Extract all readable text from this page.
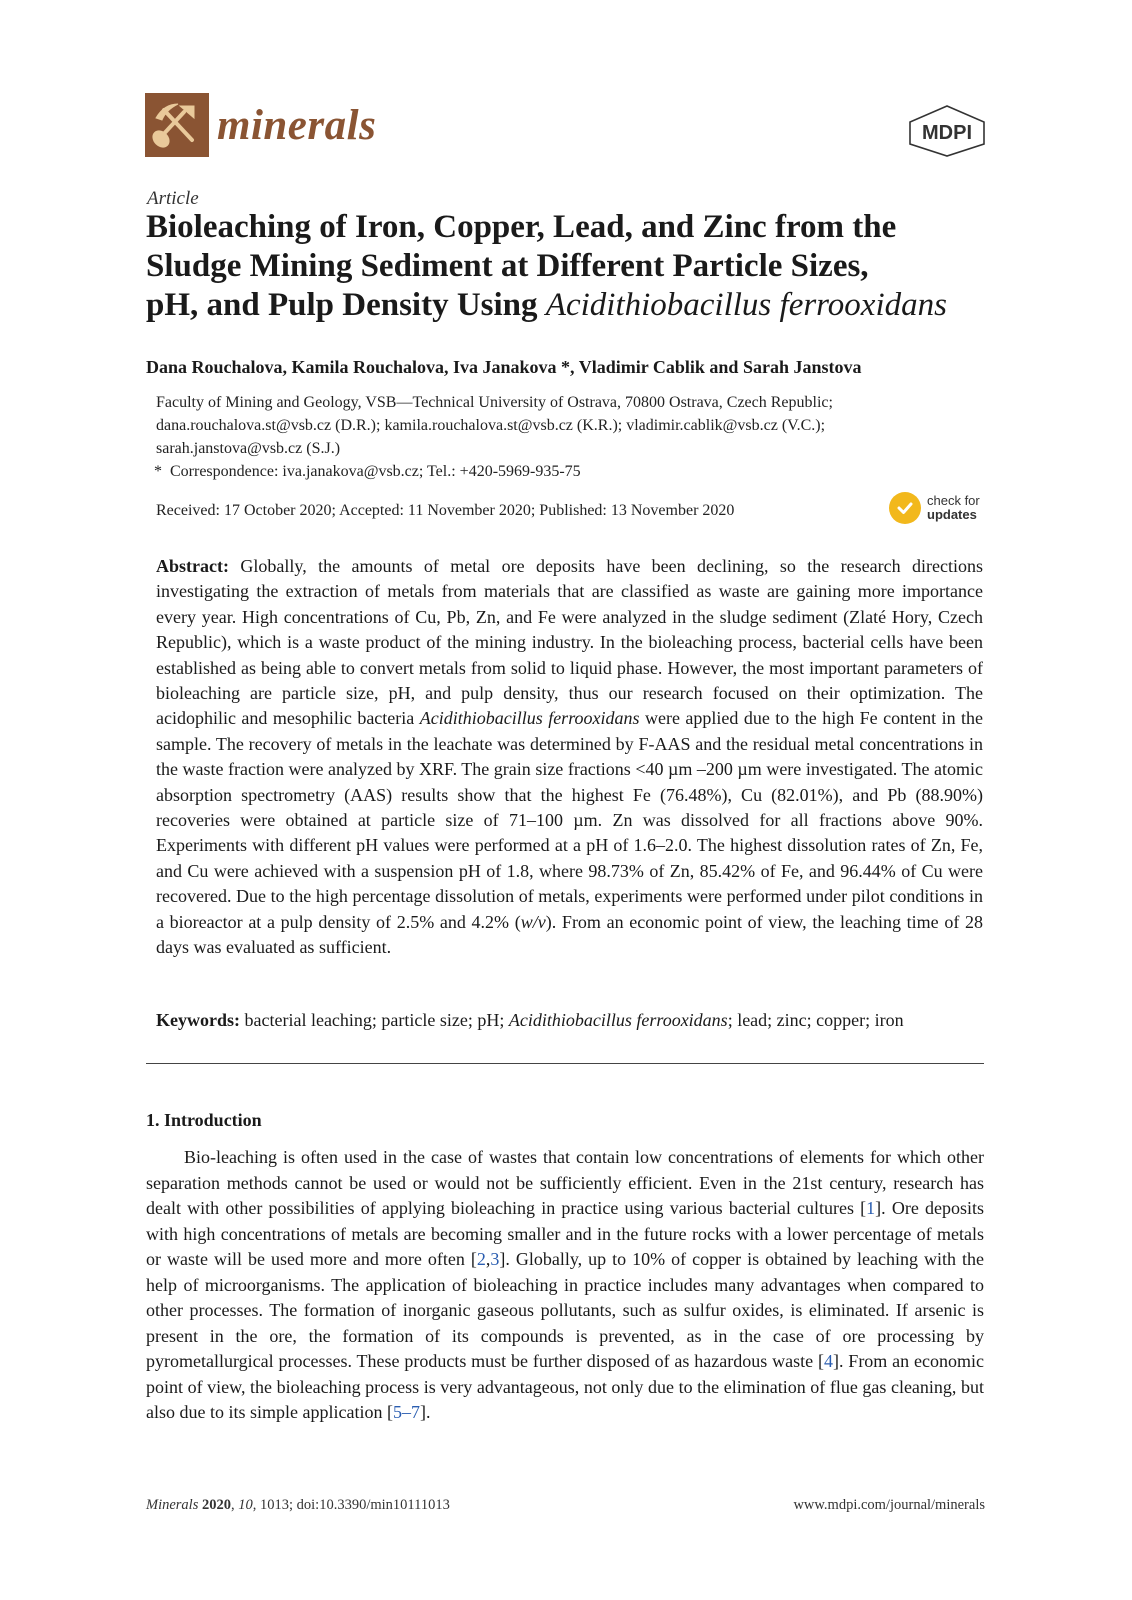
minerals	MDPI
Article
Bioleaching of Iron, Copper, Lead, and Zinc from the
Sludge Mining Sediment at Different Particle Sizes,
pH, and Pulp Density Using Acidithiobacillus ferrooxidans
Dana Rouchalova, Kamila Rouchalova, Iva Janakova *, Vladimir Cablik and Sarah Janstova
Faculty of Mining and Geology, VSB—Technical University of Ostrava, 70800 Ostrava, Czech Republic;
dana.rouchalova.st@vsb.cz (D.R.); kamila.rouchalova.st@vsb.cz (K.R.); vladimir.cablik@vsb.cz (V.C.);
sarah.janstova@vsb.cz (S.J.)
* Correspondence: iva.janakova@vsb.cz; Tel.: +420-5969-935-75
Received: 17 October 2020; Accepted: 11 November 2020; Published: 13 November 2020
check for
updates
Abstract: Globally, the amounts of metal ore deposits have been declining, so the research directions investigating the extraction of metals from materials that are classified as waste are gaining more importance every year. High concentrations of Cu, Pb, Zn, and Fe were analyzed in the sludge sediment (Zlaté Hory, Czech Republic), which is a waste product of the mining industry. In the bioleaching process, bacterial cells have been established as being able to convert metals from solid to liquid phase. However, the most important parameters of bioleaching are particle size, pH, and pulp density, thus our research focused on their optimization. The acidophilic and mesophilic bacteria Acidithiobacillus ferrooxidans were applied due to the high Fe content in the sample. The recovery of metals in the leachate was determined by F-AAS and the residual metal concentrations in the waste fraction were analyzed by XRF. The grain size fractions <40 µm –200 µm were investigated. The atomic absorption spectrometry (AAS) results show that the highest Fe (76.48%), Cu (82.01%), and Pb (88.90%) recoveries were obtained at particle size of 71–100 µm. Zn was dissolved for all fractions above 90%. Experiments with different pH values were performed at a pH of 1.6–2.0. The highest dissolution rates of Zn, Fe, and Cu were achieved with a suspension pH of 1.8, where 98.73% of Zn, 85.42% of Fe, and 96.44% of Cu were recovered. Due to the high percentage dissolution of metals, experiments were performed under pilot conditions in a bioreactor at a pulp density of 2.5% and 4.2% (w/v). From an economic point of view, the leaching time of 28 days was evaluated as sufficient.
Keywords: bacterial leaching; particle size; pH; Acidithiobacillus ferrooxidans; lead; zinc; copper; iron
1. Introduction
Bio-leaching is often used in the case of wastes that contain low concentrations of elements for which other separation methods cannot be used or would not be sufficiently efficient. Even in the 21st century, research has dealt with other possibilities of applying bioleaching in practice using various bacterial cultures [1]. Ore deposits with high concentrations of metals are becoming smaller and in the future rocks with a lower percentage of metals or waste will be used more and more often [2,3]. Globally, up to 10% of copper is obtained by leaching with the help of microorganisms. The application of bioleaching in practice includes many advantages when compared to other processes. The formation of inorganic gaseous pollutants, such as sulfur oxides, is eliminated. If arsenic is present in the ore, the formation of its compounds is prevented, as in the case of ore processing by pyrometallurgical processes. These products must be further disposed of as hazardous waste [4]. From an economic point of view, the bioleaching process is very advantageous, not only due to the elimination of flue gas cleaning, but also due to its simple application [5–7].
Minerals 2020, 10, 1013; doi:10.3390/min10111013	www.mdpi.com/journal/minerals
